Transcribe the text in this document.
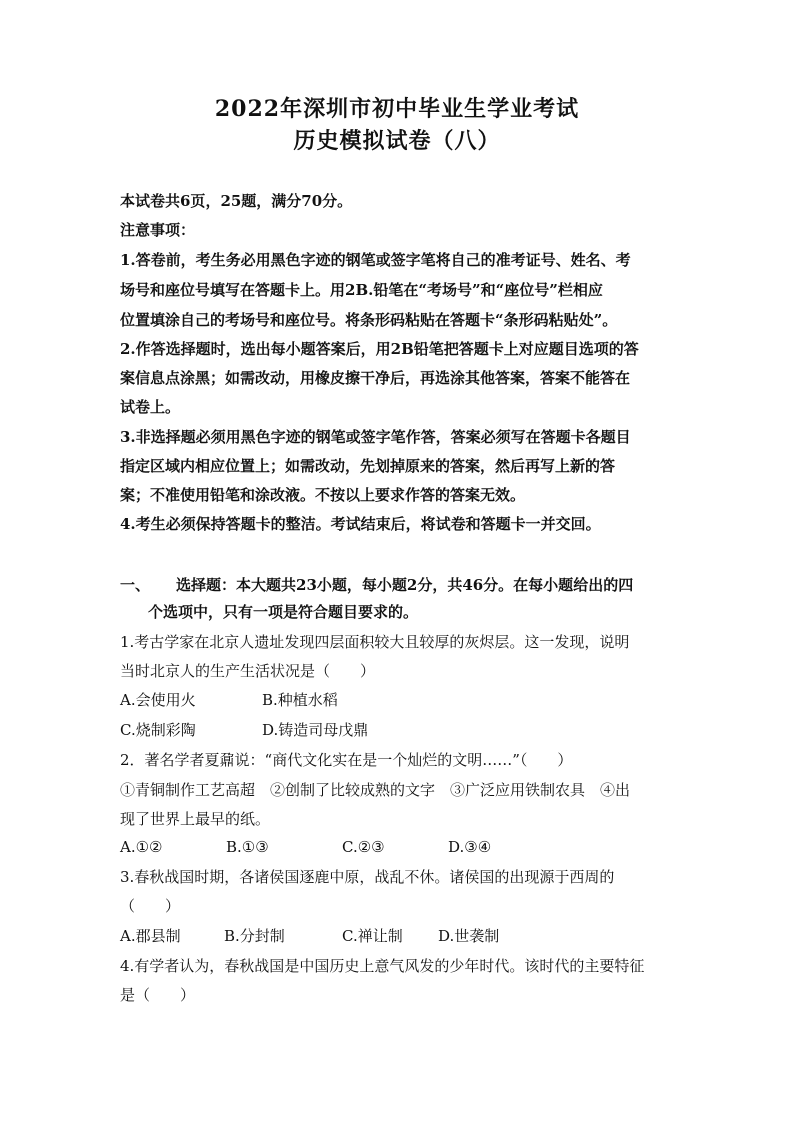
2022年深圳市初中毕业生学业考试
历史模拟试卷（八）
本试卷共6页，25题，满分70分。
注意事项：
1.答卷前，考生务必用黑色字迹的钢笔或签字笔将自己的准考证号、姓名、考
场号和座位号填写在答题卡上。用2B.铅笔在“考场号”和“座位号”栏相应
位置填涂自己的考场号和座位号。将条形码粘贴在答题卡“条形码粘贴处”。
2.作答选择题时，选出每小题答案后，用2B铅笔把答题卡上对应题目选项的答
案信息点涂黑；如需改动，用橡皮擦干净后，再选涂其他答案，答案不能答在
试卷上。
3.非选择题必须用黑色字迹的钢笔或签字笔作答，答案必须写在答题卡各题目
指定区域内相应位置上；如需改动，先划掉原来的答案，然后再写上新的答
案；不准使用铅笔和涂改液。不按以上要求作答的答案无效。
4.考生必须保持答题卡的整洁。考试结束后，将试卷和答题卡一并交回。
一、 选择题：本大题共23小题，每小题2分，共46分。在每小题给出的四
个选项中，只有一项是符合题目要求的。
1.考古学家在北京人遗址发现四层面积较大且较厚的灰烬层。这一发现，说明
当时北京人的生产生活状况是（　　）
A.会使用火	B.种植水稻
C.烧制彩陶	D.铸造司母戊鼎
2．著名学者夏鼐说：“商代文化实在是一个灿烂的文明……”（　　）
①青铜制作工艺高超　②创制了比较成熟的文字　③广泛应用铁制农具　④出
现了世界上最早的纸。
A.①②	B.①③	C.②③	D.③④
3.春秋战国时期，各诸侯国逐鹿中原，战乱不休。诸侯国的出现源于西周的
（　　）
A.郡县制	B.分封制	C.禅让制 D.世袭制
4.有学者认为，春秋战国是中国历史上意气风发的少年时代。该时代的主要特征
是（　　）
